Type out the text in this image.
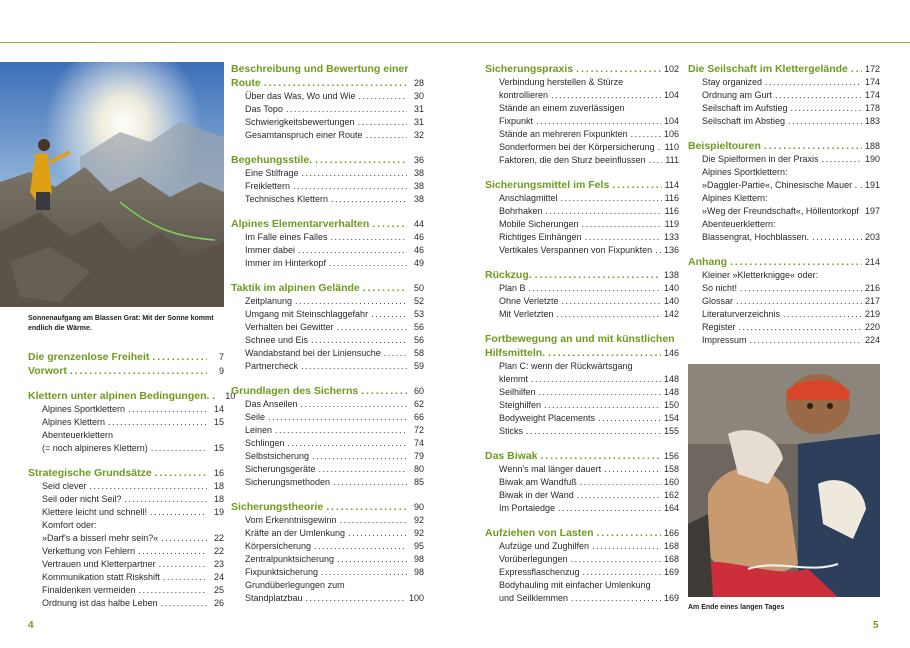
Sonnenaufgang am Blassen Grat: Mit der Sonne kommt endlich die Wärme.
Am Ende eines langen Tages
Die grenzenlose Freiheit . . .	7
Vorwort . . .	9
Klettern unter alpinen Bedingungen. .	10
Alpines Sportklettern . . .	14
Alpines Klettern . . .	15
Abenteuerklettern
(= noch alpineres Klettern) . . .	15
Strategische Grundsätze . . .	16
Seid clever . . .	18
Seil oder nicht Seil? . . .	18
Klettere leicht und schnell! . . .	19
Komfort oder:
»Darf's a bisserl mehr sein?« . . .	22
Verkettung von Fehlern . . .	22
Vertrauen und Kletterpartner . . .	23
Kommunikation statt Riskshift . . .	24
Finaldenken vermeiden . . .	25
Ordnung ist das halbe Leben . . .	26
Beschreibung und Bewertung einer
Route . . .	28
Über das Was, Wo und Wie . . .	30
Das Topo . . .	31
Schwierigkeitsbewertungen . . .	31
Gesamtanspruch einer Route . . .	32
Begehungsstile. . . .	36
Eine Stilfrage . . .	38
Freiklettern . . .	38
Technisches Klettern . . .	38
Alpines Elementarverhalten . . .	44
Im Falle eines Falles . . .	46
Immer dabei . . .	46
Immer im Hinterkopf . . .	49
Taktik im alpinen Gelände . . .	50
Zeitplanung . . .	52
Umgang mit Steinschlaggefahr . . .	53
Verhalten bei Gewitter . . .	56
Schnee und Eis . . .	56
Wandabstand bei der Liniensuche . . .	58
Partnercheck . . .	59
Grundlagen des Sicherns . . .	60
Das Anseilen . . .	62
Seile . . .	66
Leinen . . .	72
Schlingen . . .	74
Selbstsicherung . . .	79
Sicherungsgeräte . . .	80
Sicherungsmethoden . . .	85
Sicherungstheorie . . .	90
Vom Erkenntnisgewinn . . .	92
Kräfte an der Umlenkung . . .	92
Körpersicherung . . .	95
Zentralpunktsicherung . . .	98
Fixpunktsicherung . . .	98
Grundüberlegungen zum
Standplatzbau . . .	100
Sicherungspraxis . . .	102
Verbindung herstellen & Stürze
kontrollieren . . .	104
Stände an einem zuverlässigen
Fixpunkt . . .	104
Stände an mehreren Fixpunkten . . .	106
Sonderformen bei der Körpersicherung . . . 110
Faktoren, die den Sturz beeinflussen . . . 111
Sicherungsmittel im Fels . . .	114
Anschlagmittel . . .	116
Bohrhaken . . .	116
Mobile Sicherungen . . .	119
Richtiges Einhängen . . .	133
Vertikales Verspannen von Fixpunkten . . . 136
Rückzug. . . .	138
Plan B . . .	140
Ohne Verletzte . . .	140
Mit Verletzten . . .	142
Fortbewegung an und mit künstlichen
Hilfsmitteln. . . .	146
Plan C: wenn der Rückwärtsgang
klemmt . . .	148
Seilhilfen . . .	148
Steighilfen . . .	150
Bodyweight Placements . . .	154
Sticks . . .	155
Das Biwak . . .	156
Wenn's mal länger dauert . . .	158
Biwak am Wandfuß . . .	160
Biwak in der Wand . . .	162
Im Portaledge . . .	164
Aufziehen von Lasten . . .	166
Aufzüge und Zughilfen . . .	168
Vorüberlegungen . . .	168
Expressflaschenzug . . .	169
Bodyhauling mit einfacher Umlenkung
und Seilklemmen . . .	169
Die Seilschaft im Klettergelände . . . 172
Stay organized . . .	174
Ordnung am Gurt . . .	174
Seilschaft im Aufstieg . . .	178
Seilschaft im Abstieg . . .	183
Beispieltouren . . .	188
Die Spielformen in der Praxis . . .	190
Alpines Sportklettern:
»Daggler-Partie«, Chinesische Mauer . . . . 191
Alpines Klettern:
»Weg der Freundschaft«, Höllentorkopf . . . 197
Abenteuerklettern:
Blassengrat, Hochblassen. . . .	203
Anhang . . .	214
Kleiner »Kletterknigge« oder:
So nicht! . . .	216
Glossar . . .	217
Literaturverzeichnis . . .	219
Register . . .	220
Impressum . . .	224
4	5
